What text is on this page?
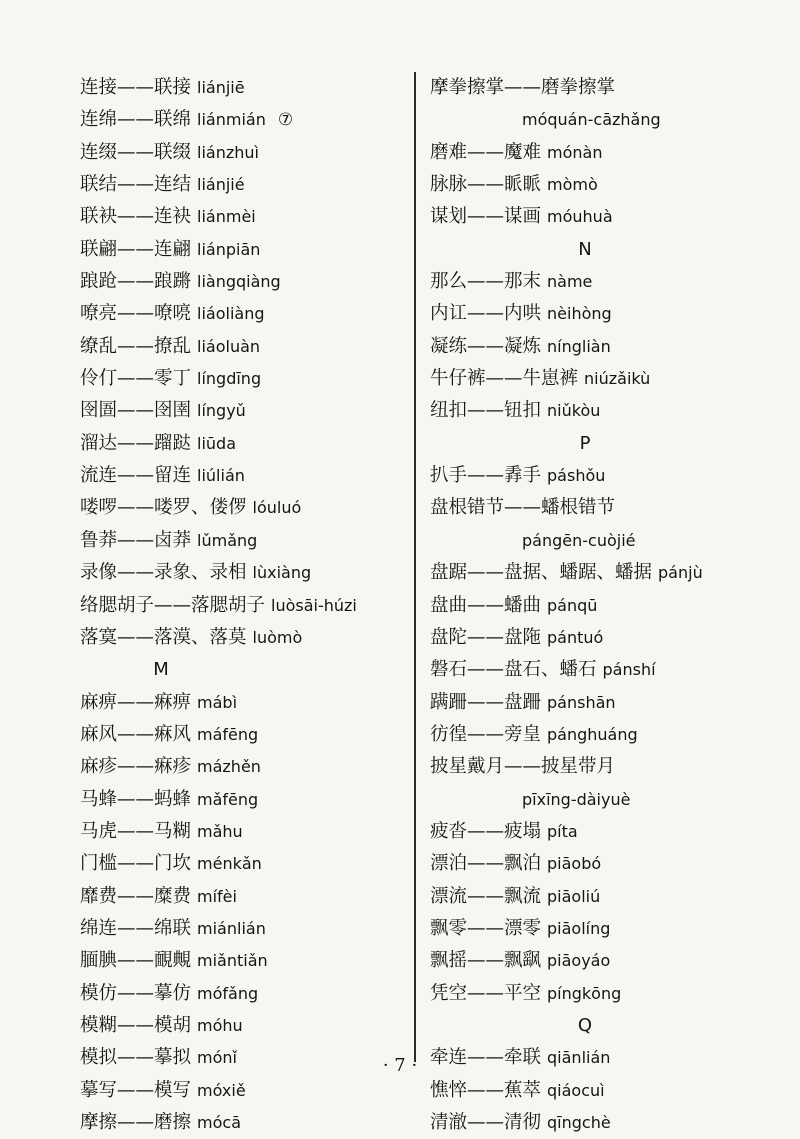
连接——联接 liánjiē
连绵——联绵 liánmián ⑦
连缀——联缀 liánzhuì
联结——连结 liánjié
联袂——连袂 liánmèi
联翩——连翩 liánpiān
踉跄——踉蹡 liàngqiàng
嘹亮——嘹喨 liáoliàng
缭乱——撩乱 liáoluàn
伶仃——零丁 língdīng
囹圄——囹圉 língyǔ
溜达——蹓跶 liūda
流连——留连 liúlián
喽啰——喽罗、偻㑩 lóuluó
鲁莽——卤莽 lǔmǎng
录像——录象、录相 lùxiàng
络腮胡子——落腮胡子 luòsāi-húzi
落寞——落漠、落莫 luòmò
M
麻痹——痳痹 mábì
麻风——痳风 máfēng
麻疹——痳疹 mázhěn
马蜂——蚂蜂 mǎfēng
马虎——马糊 mǎhu
门槛——门坎 ménkǎn
靡费——糜费 mífèi
绵连——绵联 miánlián
腼腆——靦覥 miǎntiǎn
模仿——摹仿 mófǎng
模糊——模胡 móhu
模拟——摹拟 mónǐ
摹写——模写 móxiě
摩擦——磨擦 mócā
摩拳擦掌——磨拳擦掌
móquán-cāzhǎng
磨难——魔难 mónàn
脉脉——眽眽 mòmò
谋划——谋画 móuhuà
N
那么——那末 nàme
内讧——内哄 nèihòng
凝练——凝炼 níngliàn
牛仔裤——牛崽裤 niúzǎikù
纽扣——钮扣 niǔkòu
P
扒手——掱手 páshǒu
盘根错节——蟠根错节
pángēn-cuòjié
盘踞——盘据、蟠踞、蟠据 pánjù
盘曲——蟠曲 pánqū
盘陀——盘陁 pántuó
磐石——盘石、蟠石 pánshí
蹒跚——盘跚 pánshān
彷徨——旁皇 pánghuáng
披星戴月——披星带月
pīxīng-dàiyuè
疲沓——疲塌 píta
漂泊——飘泊 piāobó
漂流——飘流 piāoliú
飘零——漂零 piāolíng
飘摇——飘飖 piāoyáo
凭空——平空 píngkōng
Q
牵连——牵联 qiānlián
憔悴——蕉萃 qiáocuì
清澈——清彻 qīngchè
· 7 ·
